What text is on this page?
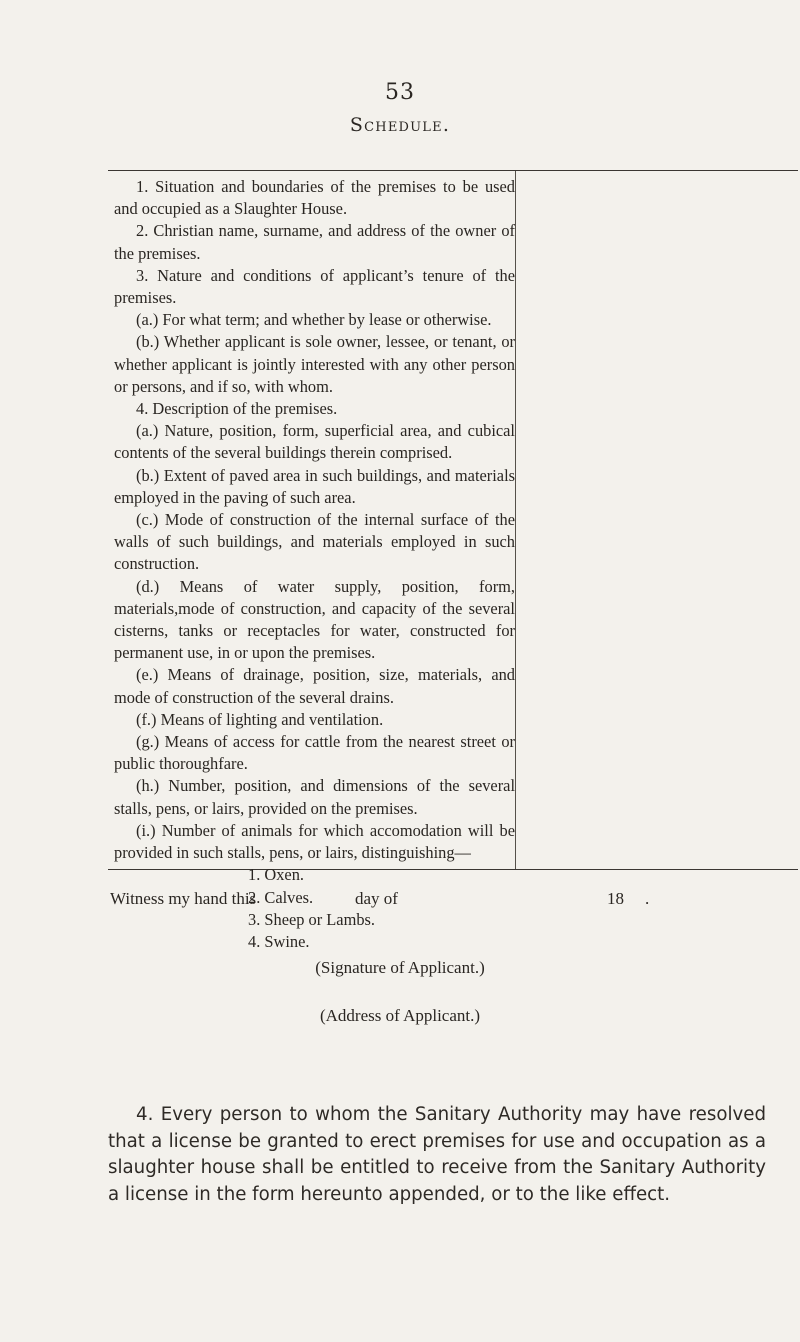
53
Schedule.

1. Situation and boundaries of the premises to be used and occupied as a Slaughter House.

2. Christian name, surname, and address of the owner of the premises.

3. Nature and conditions of applicant’s tenure of the premises.

(a.) For what term; and whether by lease or otherwise.

(b.) Whether applicant is sole owner, lessee, or tenant, or whether applicant is jointly interested with any other person or persons, and if so, with whom.

4. Description of the premises.

(a.) Nature, position, form, superficial area, and cubical contents of the several buildings therein comprised.

(b.) Extent of paved area in such buildings, and materials employed in the paving of such area.

(c.) Mode of construction of the internal surface of the walls of such buildings, and materials employed in such construction.

(d.) Means of water supply, position, form, materials,mode of construction, and capacity of the several cisterns, tanks or receptacles for water, constructed for permanent use, in or upon the premises.

(e.) Means of drainage, position, size, materials, and mode of construction of the several drains.

(f.) Means of lighting and ventilation.

(g.) Means of access for cattle from the nearest street or public thoroughfare.

(h.) Number, position, and dimensions of the several stalls, pens, or lairs, provided on the premises.

(i.) Number of animals for which accomodation will be provided in such stalls, pens, or lairs, distinguishing—

1. Oxen.

2. Calves.

3. Sheep or Lambs.

4. Swine.

Witness my hand this	day of	18 .
(Signature of Applicant.)
(Address of Applicant.)

4. Every person to whom the Sanitary Authority may have resolved that a license be granted to erect premises for use and occupation as a slaughter house shall be entitled to receive from the Sanitary Authority a license in the form hereunto appended, or to the like effect.
